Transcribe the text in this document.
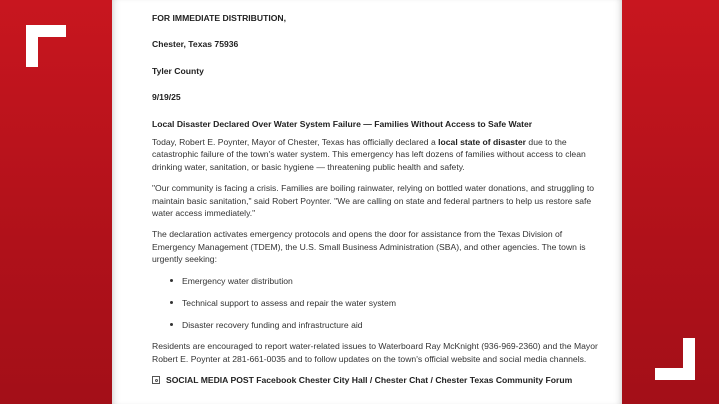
FOR IMMEDIATE DISTRIBUTION,
Chester, Texas 75936
Tyler County
9/19/25
Local Disaster Declared Over Water System Failure — Families Without Access to Safe Water

Today, Robert E. Poynter, Mayor of Chester, Texas has officially declared a local state of disaster due to the catastrophic failure of the town's water system. This emergency has left dozens of families without access to clean drinking water, sanitation, or basic hygiene — threatening public health and safety.

"Our community is facing a crisis. Families are boiling rainwater, relying on bottled water donations, and struggling to maintain basic sanitation," said Robert Poynter. "We are calling on state and federal partners to help us restore safe water access immediately."

The declaration activates emergency protocols and opens the door for assistance from the Texas Division of Emergency Management (TDEM), the U.S. Small Business Administration (SBA), and other agencies. The town is urgently seeking:

Emergency water distribution
Technical support to assess and repair the water system
Disaster recovery funding and infrastructure aid

Residents are encouraged to report water-related issues to Waterboard Ray McKnight (936-969-2360) and the Mayor Robert E. Poynter at 281-661-0035 and to follow updates on the town's official website and social media channels.

SOCIAL MEDIA POST Facebook Chester City Hall / Chester Chat / Chester Texas Community Forum
